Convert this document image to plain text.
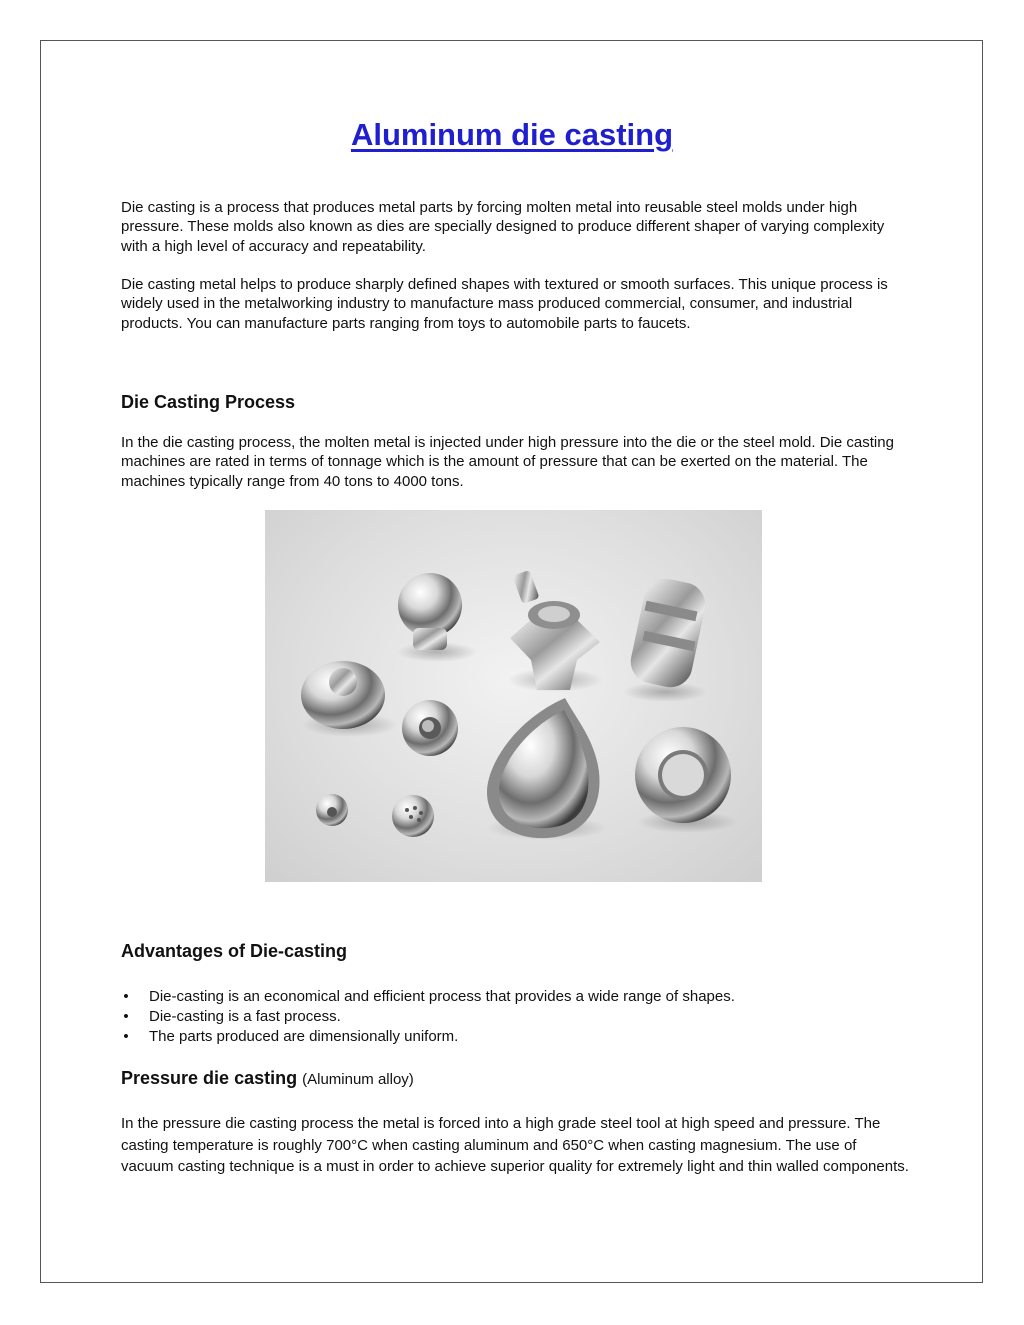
Aluminum die casting

Die casting is a process that produces metal parts by forcing molten metal into reusable steel molds under high pressure. These molds also known as dies are specially designed to produce different shaper of varying complexity with a high level of accuracy and repeatability.

Die casting metal helps to produce sharply defined shapes with textured or smooth surfaces. This unique process is widely used in the metalworking industry to manufacture mass produced commercial, consumer, and industrial products. You can manufacture parts ranging from toys to automobile parts to faucets.

Die Casting Process

In the die casting process, the molten metal is injected under high pressure into the die or the steel mold. Die casting machines are rated in terms of tonnage which is the amount of pressure that can be exerted on the material. The machines typically range from 40 tons to 4000 tons.

Advantages of Die-casting
• Die-casting is an economical and efficient process that provides a wide range of shapes.
• Die-casting is a fast process.
• The parts produced are dimensionally uniform.
Pressure die casting (Aluminum alloy)

In the pressure die casting process the metal is forced into a high grade steel tool at high speed and pressure. The casting temperature is roughly 700°C when casting aluminum and 650°C when casting magnesium. The use of vacuum casting technique is a must in order to achieve superior quality for extremely light and thin walled components.
